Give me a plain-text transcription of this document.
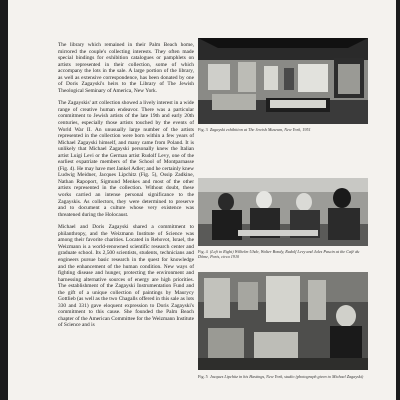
The library which remained in their Palm Beach home, mirrored the couple's collecting interests. They often made special bindings for exhibition catalogues or pamphlets on artists represented in their collection, some of which accompany the lots in the sale. A large portion of the library, as well as extensive correspondence, has been donated by one of Doris Zagayski's heirs to the Library of The Jewish Theological Seminary of America, New York.

The Zagayskis' art collection showed a lively interest in a wide range of creative human endeavor. There was a particular commitment to Jewish artists of the late 19th and early 20th centuries, especially those artists touched by the events of World War II. An unusually large number of the artists represented in the collection were born within a few years of Michael Zagayski himself, and many came from Poland. It is unlikely that Michael Zagayski personally knew the Italian artist Luigi Levi or the German artist Rudolf Levy, one of the earliest expatriate members of the School of Montparnasse (Fig. 4). He may have met Jankel Adler; and he certainly knew Ludwig Meidner, Jacques Lipchitz (Fig. 5), Ossip Zadkine, Nathan Rapoport, Sigmund Menkes and most of the other artists represented in the collection. Without doubt, these works carried an intense personal significance to the Zagayskis. As collectors, they were determined to preserve and to document a culture whose very existence was threatened during the Holocaust.

Michael and Doris Zagayski shared a commitment to philanthropy, and the Weizmann Institute of Science was among their favorite charities. Located in Rehovot, Israel, the Weizmann is a world-renowned scientific research center and graduate school. Its 2,500 scientists, students, technicians and engineers pursue basic research in the quest for knowledge and the enhancement of the human condition. New ways of fighting disease and hunger, protecting the environment and harnessing alternative sources of energy are high priorities. The establishment of the Zagayski Instrumentation Fund and the gift of a unique collection of paintings by Maurycy Gottlieb (as well as the two Chagalls offered in this sale as lots 330 and 331) gave eloquent expression to Doris Zagayski's commitment to this cause. She founded the Palm Beach chapter of the American Committee for the Weizmann Institute of Science and is

Fig. 3 Zagayski exhibition at The Jewish Museum, New York, 1951
Fig. 4 (Left to Right) Wilhelm Uhde, Walter Bondy, Rudolf Levy and Jules Pascin at the Café du Dôme, Paris, circa 1910
Fig. 5 Jacques Lipchitz in his Hastings, New York, studio (photograph given to Michael Zagayski)
